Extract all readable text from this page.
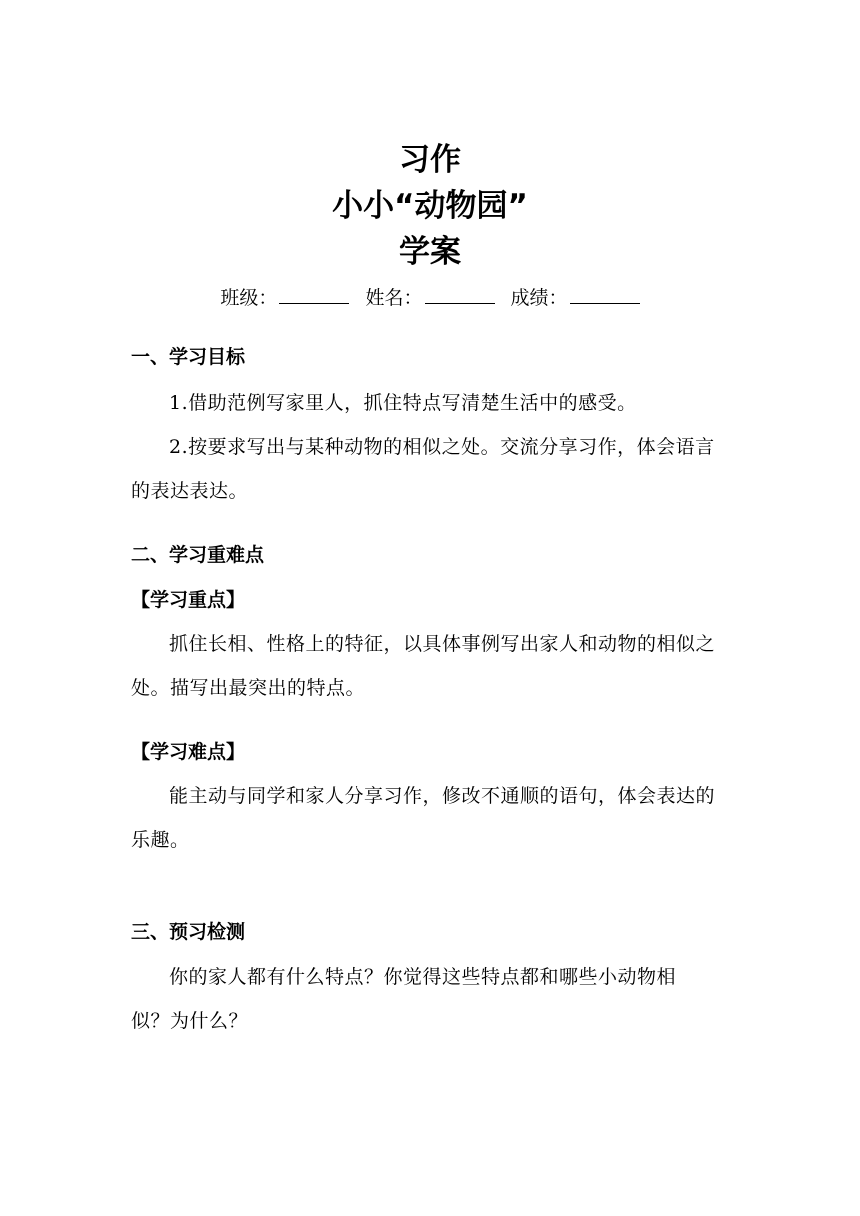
习作
小小“动物园”
学案
班级：	姓名：	成绩：
一、学习目标
1.借助范例写家里人，抓住特点写清楚生活中的感受。
2.按要求写出与某种动物的相似之处。交流分享习作，体会语言的表达表达。
二、学习重难点
【学习重点】
抓住长相、性格上的特征，以具体事例写出家人和动物的相似之处。描写出最突出的特点。
【学习难点】
能主动与同学和家人分享习作，修改不通顺的语句，体会表达的乐趣。
三、预习检测
你的家人都有什么特点？你觉得这些特点都和哪些小动物相似？为什么？
